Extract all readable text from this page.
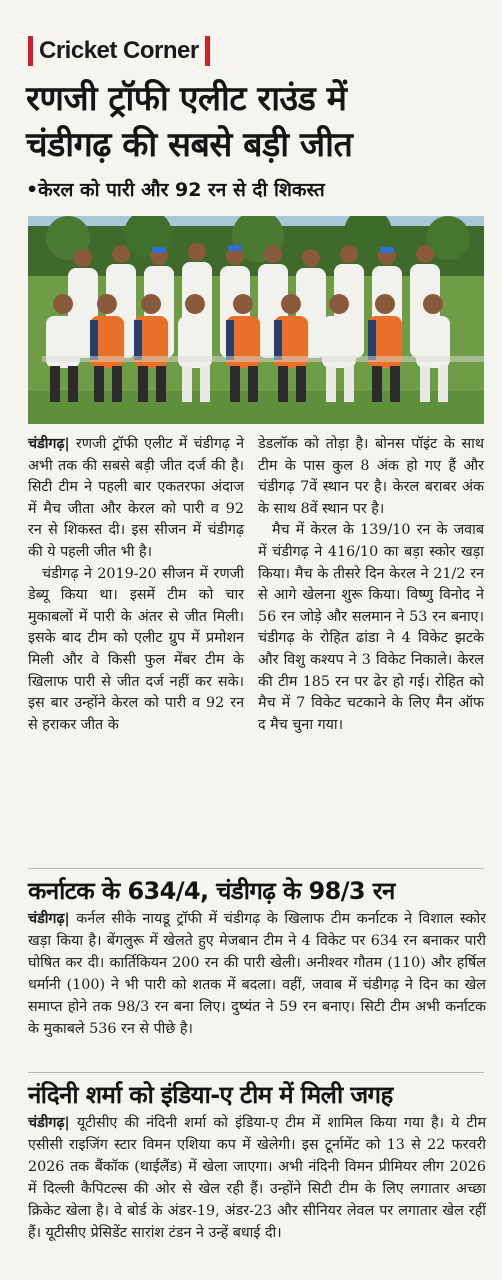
Cricket Corner
रणजी ट्रॉफी एलीट राउंड में
चंडीगढ़ की सबसे बड़ी जीत
•केरल को पारी और 92 रन से दी शिकस्त

चंडीगढ़| रणजी ट्रॉफी एलीट में चंडीगढ़ ने अभी तक की सबसे बड़ी जीत दर्ज की है। सिटी टीम ने पहली बार एकतरफा अंदाज में मैच जीता और केरल को पारी व 92 रन से शिकस्त दी। इस सीजन में चंडीगढ़ की ये पहली जीत भी है।

चंडीगढ़ ने 2019-20 सीजन में रणजी डेब्यू किया था। इसमें टीम को चार मुकाबलों में पारी के अंतर से जीत मिली। इसके बाद टीम को एलीट ग्रुप में प्रमोशन मिली और वे किसी फुल मेंबर टीम के खिलाफ पारी से जीत दर्ज नहीं कर सके। इस बार उन्होंने केरल को पारी व 92 रन से हराकर जीत के

डेडलॉक को तोड़ा है। बोनस पॉइंट के साथ टीम के पास कुल 8 अंक हो गए हैं और चंडीगढ़ 7वें स्थान पर है। केरल बराबर अंक के साथ 8वें स्थान पर है।

मैच में केरल के 139/10 रन के जवाब में चंडीगढ़ ने 416/10 का बड़ा स्कोर खड़ा किया। मैच के तीसरे दिन केरल ने 21/2 रन से आगे खेलना शुरू किया। विष्णु विनोद ने 56 रन जोड़े और सलमान ने 53 रन बनाए। चंडीगढ़ के रोहित ढांडा ने 4 विकेट झटके और विशु कश्यप ने 3 विकेट निकाले। केरल की टीम 185 रन पर ढेर हो गई। रोहित को मैच में 7 विकेट चटकाने के लिए मैन ऑफ द मैच चुना गया।

कर्नाटक के 634/4, चंडीगढ़ के 98/3 रन
चंडीगढ़| कर्नल सीके नायडू ट्रॉफी में चंडीगढ़ के खिलाफ टीम कर्नाटक ने विशाल स्कोर खड़ा किया है। बेंगलुरू में खेलते हुए मेजबान टीम ने 4 विकेट पर 634 रन बनाकर पारी घोषित कर दी। कार्तिकियन 200 रन की पारी खेली। अनीश्वर गौतम (110) और हर्षिल धर्मानी (100) ने भी पारी को शतक में बदला। वहीं, जवाब में चंडीगढ़ ने दिन का खेल समाप्त होने तक 98/3 रन बना लिए। दुष्यंत ने 59 रन बनाए। सिटी टीम अभी कर्नाटक के मुकाबले 536 रन से पीछे है।
नंदिनी शर्मा को इंडिया-ए टीम में मिली जगह
चंडीगढ़| यूटीसीए की नंदिनी शर्मा को इंडिया-ए टीम में शामिल किया गया है। ये टीम एसीसी राइजिंग स्टार विमन एशिया कप में खेलेगी। इस टूर्नामेंट को 13 से 22 फरवरी 2026 तक बैंकॉक (थाईलैंड) में खेला जाएगा। अभी नंदिनी विमन प्रीमियर लीग 2026 में दिल्ली कैपिटल्स की ओर से खेल रही हैं। उन्होंने सिटी टीम के लिए लगातार अच्छा क्रिकेट खेला है। वे बोर्ड के अंडर-19, अंडर-23 और सीनियर लेवल पर लगातार खेल रहीं हैं। यूटीसीए प्रेसिडेंट सारांश टंडन ने उन्हें बधाई दी।
